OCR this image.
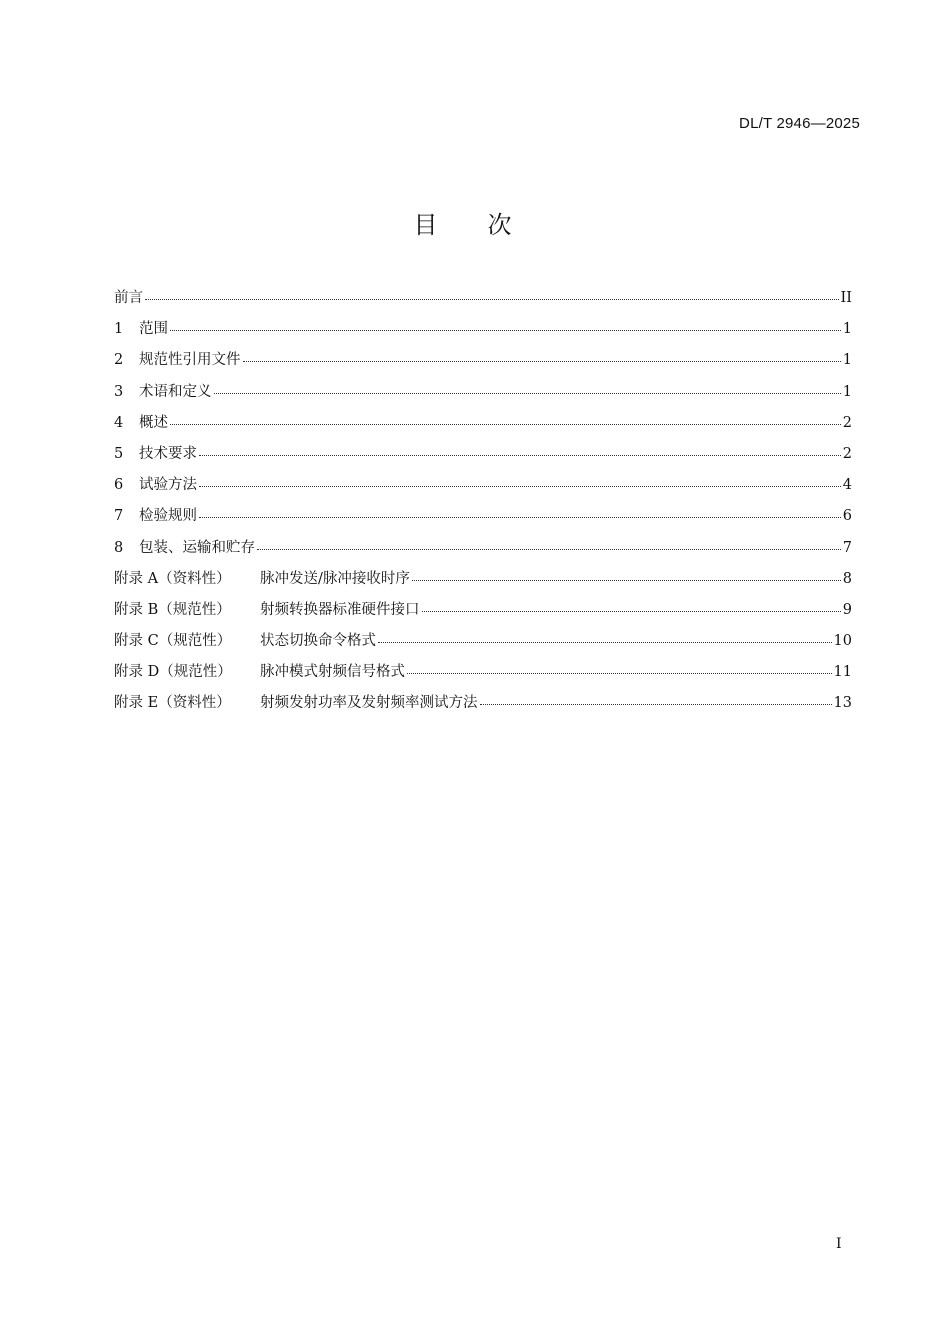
DL/T 2946—2025
目次
前言	II
1	范围	1
2	规范性引用文件	1
3	术语和定义	1
4	概述	2
5	技术要求	2
6	试验方法	4
7	检验规则	6
8	包装、运输和贮存	7
附录 A（资料性）	脉冲发送/脉冲接收时序	8
附录 B（规范性）	射频转换器标准硬件接口	9
附录 C（规范性）	状态切换命令格式	10
附录 D（规范性）	脉冲模式射频信号格式	11
附录 E（资料性）	射频发射功率及发射频率测试方法	13
I
